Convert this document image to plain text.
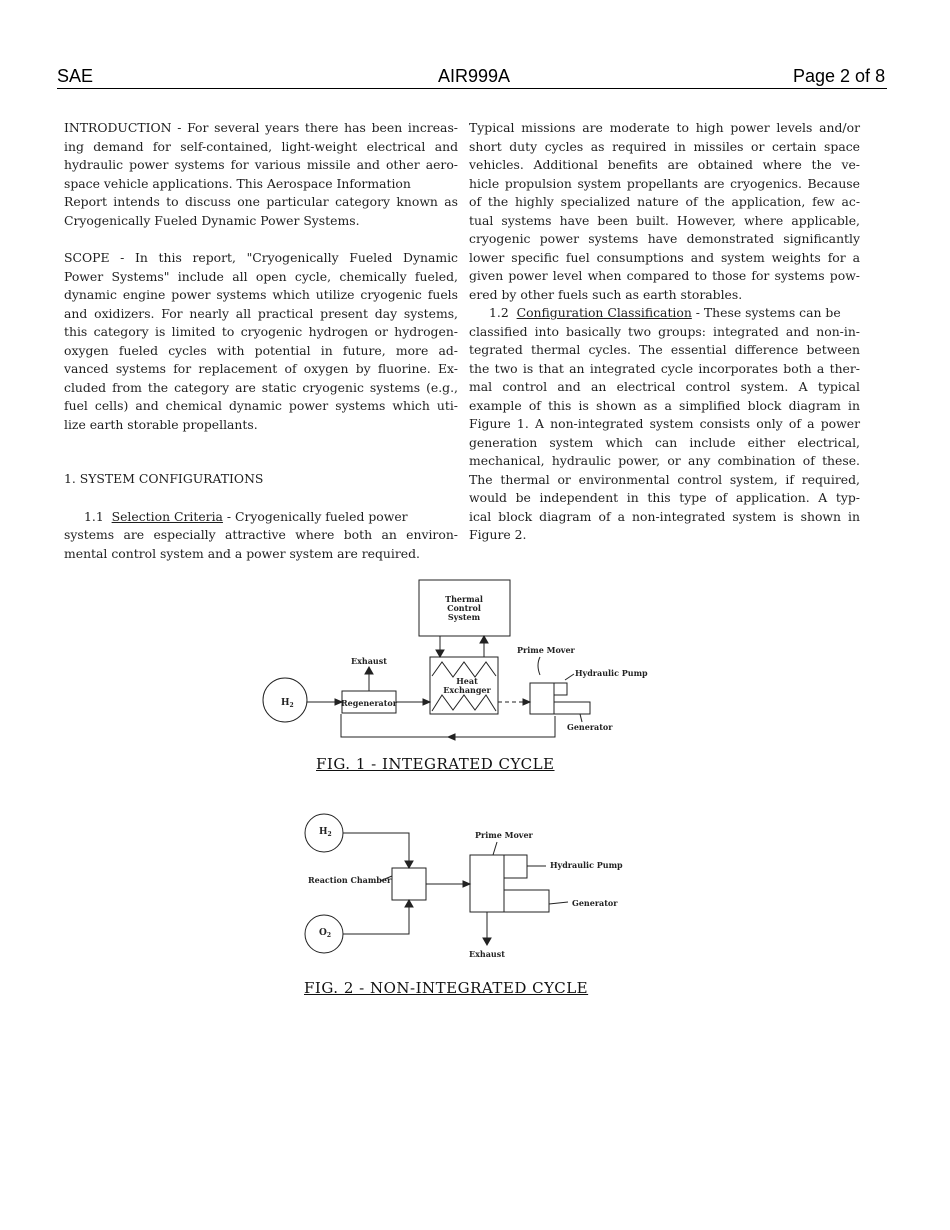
SAE	AIR999A	Page 2 of 8
INTRODUCTION - For several years there has been increas-
ing demand for self-contained, light-weight electrical and
hydraulic power systems for various missile and other aero-
space vehicle applications. This Aerospace Information
Report intends to discuss one particular category known as
Cryogenically Fueled Dynamic Power Systems.
SCOPE - In this report, "Cryogenically Fueled Dynamic
Power Systems" include all open cycle, chemically fueled,
dynamic engine power systems which utilize cryogenic fuels
and oxidizers. For nearly all practical present day systems,
this category is limited to cryogenic hydrogen or hydrogen-
oxygen fueled cycles with potential in future, more ad-
vanced systems for replacement of oxygen by fluorine. Ex-
cluded from the category are static cryogenic systems (e.g.,
fuel cells) and chemical dynamic power systems which uti-
lize earth storable propellants.
1. SYSTEM CONFIGURATIONS
1.1 Selection Criteria - Cryogenically fueled power
systems are especially attractive where both an environ-
mental control system and a power system are required.
Typical missions are moderate to high power levels and/or
short duty cycles as required in missiles or certain space
vehicles. Additional benefits are obtained where the ve-
hicle propulsion system propellants are cryogenics. Because
of the highly specialized nature of the application, few ac-
tual systems have been built. However, where applicable,
cryogenic power systems have demonstrated significantly
lower specific fuel consumptions and system weights for a
given power level when compared to those for systems pow-
ered by other fuels such as earth storables.
1.2 Configuration Classification - These systems can be
classified into basically two groups: integrated and non-in-
tegrated thermal cycles. The essential difference between
the two is that an integrated cycle incorporates both a ther-
mal control and an electrical control system. A typical
example of this is shown as a simplified block diagram in
Figure 1. A non-integrated system consists only of a power
generation system which can include either electrical,
mechanical, hydraulic power, or any combination of these.
The thermal or environmental control system, if required,
would be independent in this type of application. A typ-
ical block diagram of a non-integrated system is shown in
Figure 2.
Thermal
Control
System
Exhaust
$H_2$	Regenerator
Heat
Exchanger
Prime Mover
Hydraulic Pump
Generator
FIG. 1 - INTEGRATED CYCLE
$H_2$
$O_2$
Reaction Chamber
Prime Mover
Hydraulic Pump
Generator
Exhaust
FIG. 2 - NON-INTEGRATED CYCLE
